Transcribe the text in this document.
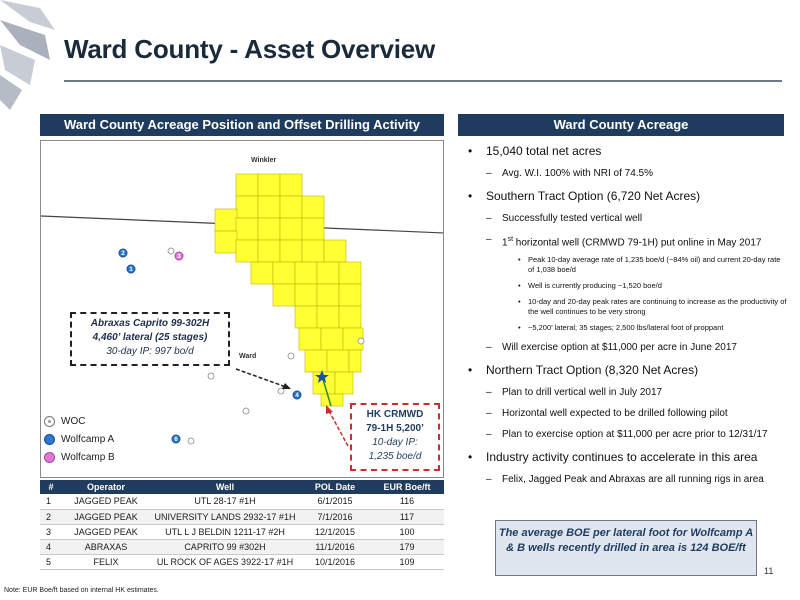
Ward County - Asset Overview
Ward County Acreage Position and Offset Drilling Activity	Ward County Acreage
1
2	3
4
6
Winkler
Ward
Abraxas Caprito 99-302H
4,460’ lateral (25 stages)
30-day IP: 997 bo/d
HK CRMWD
79-1H 5,200’
10-day IP:
1,235 boe/d
WOC
Wolfcamp A
Wolfcamp B
#	Operator	Well	POL Date	EUR Boe/ft
1	JAGGED PEAK	UTL 28-17 #1H	6/1/2015	116
2	JAGGED PEAK	UNIVERSITY LANDS 2932-17 #1H	7/1/2016	117
3	JAGGED PEAK	UTL L J BELDIN 1211-17 #2H	12/1/2015	100
4	ABRAXAS	CAPRITO 99 #302H	11/1/2016	179
5	FELIX	UL ROCK OF AGES 3922-17 #1H	10/1/2016	109
• 15,040 total net acres
– Avg. W.I. 100% with NRI of 74.5%
• Southern Tract Option (6,720 Net Acres)
– Successfully tested vertical well
– 1st horizontal well (CRMWD 79-1H) put online in May 2017
• Peak 10-day average rate of 1,235 boe/d (~84% oil) and current 20-day rate of 1,038 boe/d
• Well is currently producing ~1,520 boe/d
• 10-day and 20-day peak rates are continuing to increase as the productivity of the well continues to be very strong
• ~5,200’ lateral; 35 stages; 2,500 lbs/lateral foot of proppant
– Will exercise option at $11,000 per acre in June 2017
• Northern Tract Option (8,320 Net Acres)
– Plan to drill vertical well in July 2017
– Horizontal well expected to be drilled following pilot
– Plan to exercise option at $11,000 per acre prior to 12/31/17
• Industry activity continues to accelerate in this area
– Felix, Jagged Peak and Abraxas are all running rigs in area
The average BOE per lateral foot for Wolfcamp A & B wells recently drilled in area is 124 BOE/ft
11
Note: EUR Boe/ft based on internal HK estimates.
